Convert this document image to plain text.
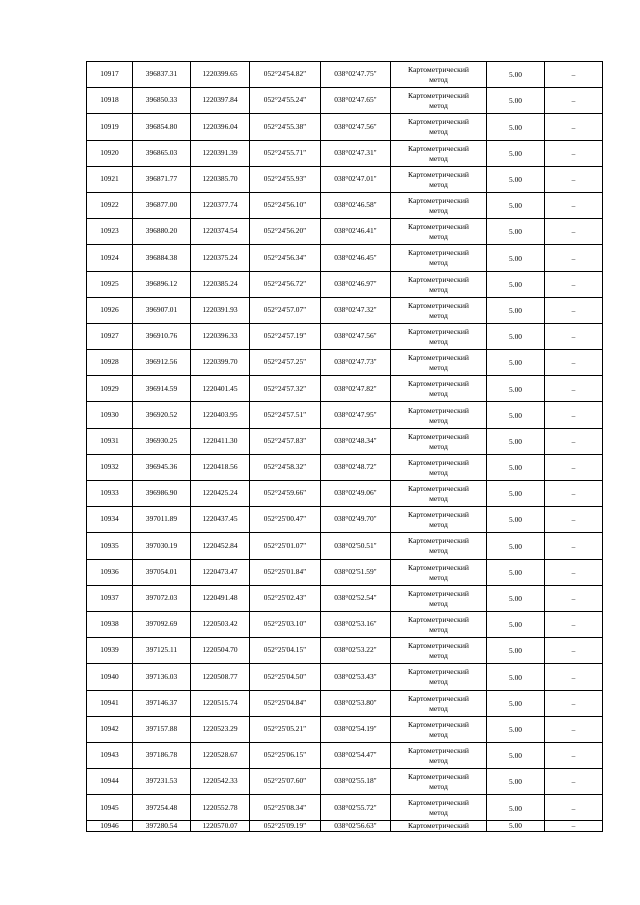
10917	396837.31	1220399.65	052°24'54.82"	038°02'47.75"	Картометрический
метод	5.00	–
10918	396850.33	1220397.84	052°24'55.24"	038°02'47.65"	Картометрический
метод	5.00	–
10919	396854.80	1220396.04	052°24'55.38"	038°02'47.56"	Картометрический
метод	5.00	–
10920	396865.03	1220391.39	052°24'55.71"	038°02'47.31"	Картометрический
метод	5.00	–
10921	396871.77	1220385.70	052°24'55.93"	038°02'47.01"	Картометрический
метод	5.00	–
10922	396877.00	1220377.74	052°24'56.10"	038°02'46.58"	Картометрический
метод	5.00	–
10923	396880.20	1220374.54	052°24'56.20"	038°02'46.41"	Картометрический
метод	5.00	–
10924	396884.38	1220375.24	052°24'56.34"	038°02'46.45"	Картометрический
метод	5.00	–
10925	396896.12	1220385.24	052°24'56.72"	038°02'46.97"	Картометрический
метод	5.00	–
10926	396907.01	1220391.93	052°24'57.07"	038°02'47.32"	Картометрический
метод	5.00	–
10927	396910.76	1220396.33	052°24'57.19"	038°02'47.56"	Картометрический
метод	5.00	–
10928	396912.56	1220399.70	052°24'57.25"	038°02'47.73"	Картометрический
метод	5.00	–
10929	396914.59	1220401.45	052°24'57.32"	038°02'47.82"	Картометрический
метод	5.00	–
10930	396920.52	1220403.95	052°24'57.51"	038°02'47.95"	Картометрический
метод	5.00	–
10931	396930.25	1220411.30	052°24'57.83"	038°02'48.34"	Картометрический
метод	5.00	–
10932	396945.36	1220418.56	052°24'58.32"	038°02'48.72"	Картометрический
метод	5.00	–
10933	396986.90	1220425.24	052°24'59.66"	038°02'49.06"	Картометрический
метод	5.00	–
10934	397011.89	1220437.45	052°25'00.47"	038°02'49.70"	Картометрический
метод	5.00	–
10935	397030.19	1220452.84	052°25'01.07"	038°02'50.51"	Картометрический
метод	5.00	–
10936	397054.01	1220473.47	052°25'01.84"	038°02'51.59"	Картометрический
метод	5.00	–
10937	397072.03	1220491.48	052°25'02.43"	038°02'52.54"	Картометрический
метод	5.00	–
10938	397092.69	1220503.42	052°25'03.10"	038°02'53.16"	Картометрический
метод	5.00	–
10939	397125.11	1220504.70	052°25'04.15"	038°02'53.22"	Картометрический
метод	5.00	–
10940	397136.03	1220508.77	052°25'04.50"	038°02'53.43"	Картометрический
метод	5.00	–
10941	397146.37	1220515.74	052°25'04.84"	038°02'53.80"	Картометрический
метод	5.00	–
10942	397157.88	1220523.29	052°25'05.21"	038°02'54.19"	Картометрический
метод	5.00	–
10943	397186.78	1220528.67	052°25'06.15"	038°02'54.47"	Картометрический
метод	5.00	–
10944	397231.53	1220542.33	052°25'07.60"	038°02'55.18"	Картометрический
метод	5.00	–
10945	397254.48	1220552.78	052°25'08.34"	038°02'55.72"	Картометрический
метод	5.00	–
10946	397280.54	1220570.07	052°25'09.19"	038°02'56.63"	Картометрический	5.00	–
